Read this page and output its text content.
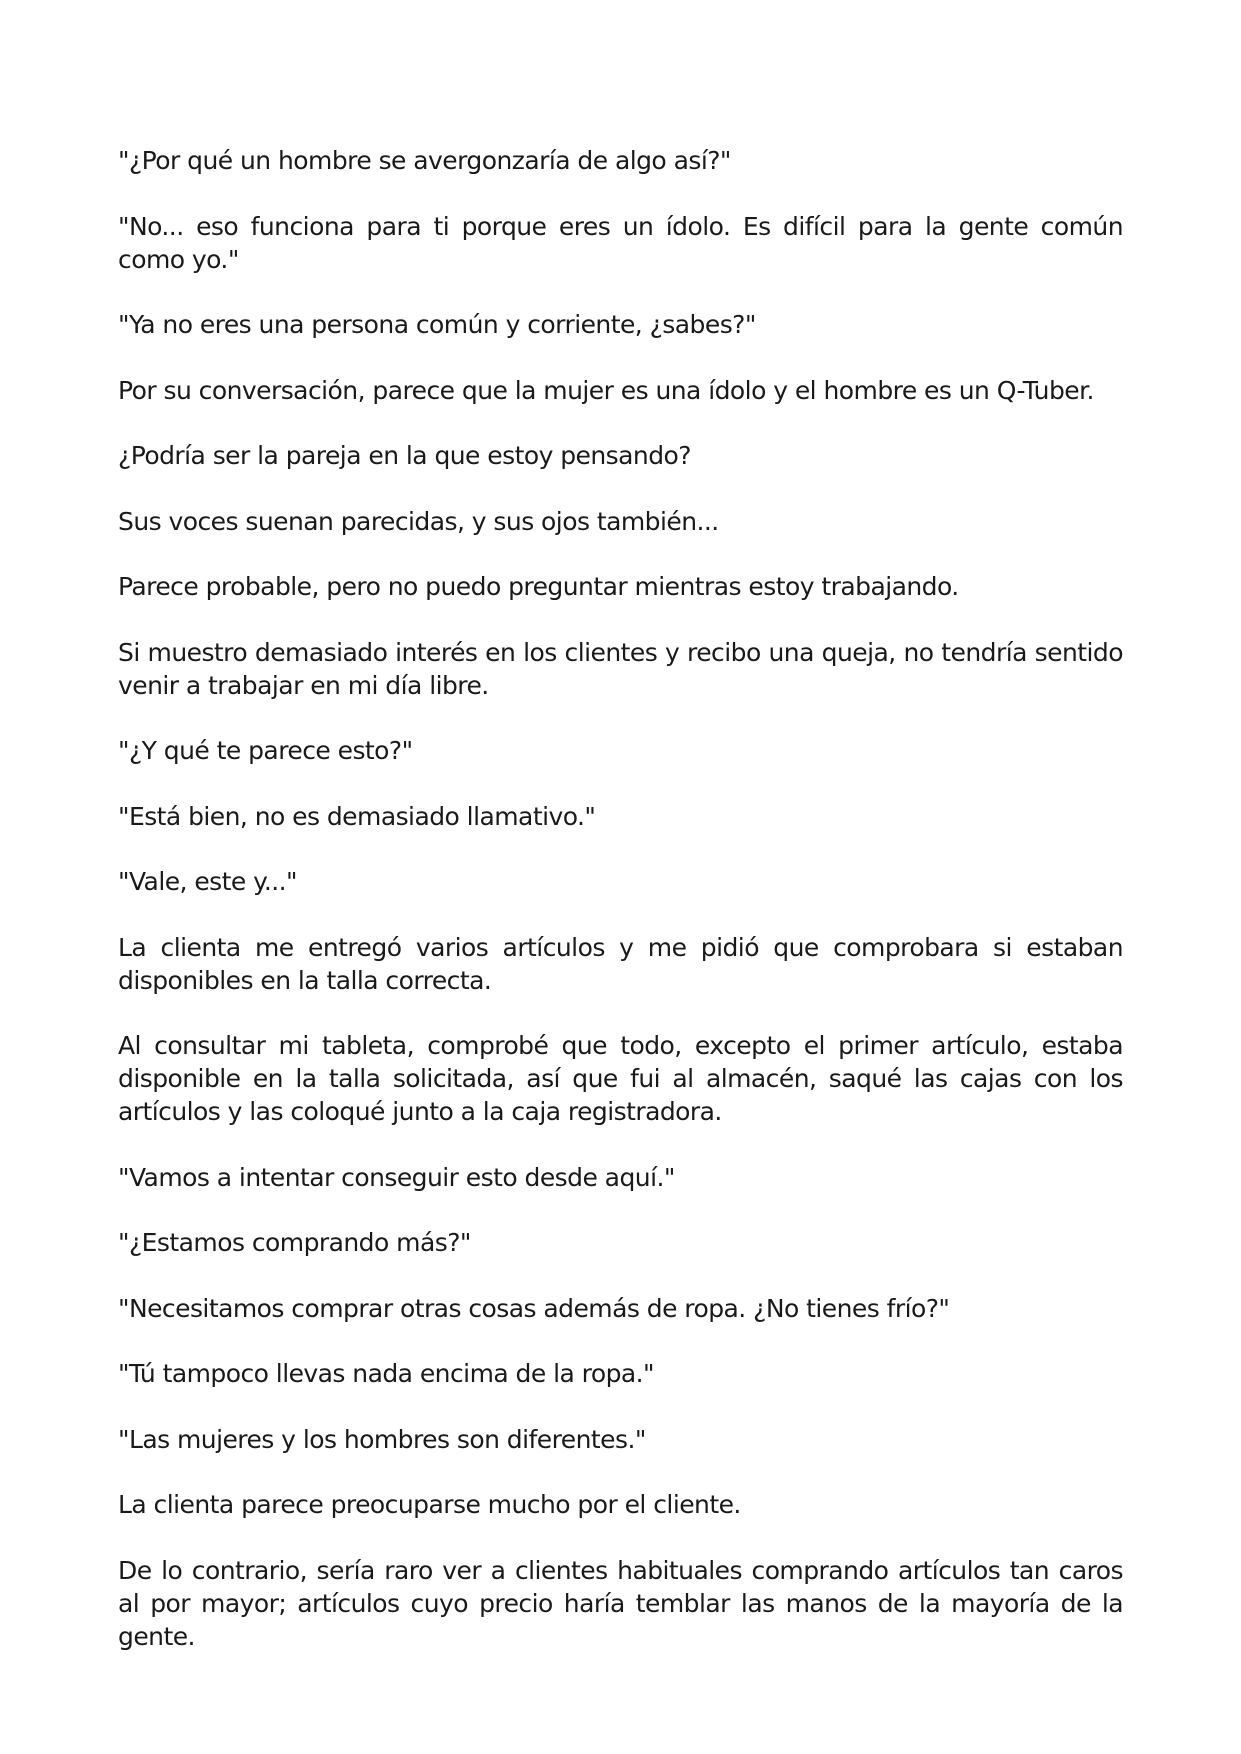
"¿Por qué un hombre se avergonzaría de algo así?"

"No... eso funciona para ti porque eres un ídolo. Es difícil para la gente común como yo."

"Ya no eres una persona común y corriente, ¿sabes?"

Por su conversación, parece que la mujer es una ídolo y el hombre es un Q-Tuber.

¿Podría ser la pareja en la que estoy pensando?

Sus voces suenan parecidas, y sus ojos también...

Parece probable, pero no puedo preguntar mientras estoy trabajando.

Si muestro demasiado interés en los clientes y recibo una queja, no tendría sentido venir a trabajar en mi día libre.

"¿Y qué te parece esto?"

"Está bien, no es demasiado llamativo."

"Vale, este y..."

La clienta me entregó varios artículos y me pidió que comprobara si estaban disponibles en la talla correcta.

Al consultar mi tableta, comprobé que todo, excepto el primer artículo, estaba disponible en la talla solicitada, así que fui al almacén, saqué las cajas con los artículos y las coloqué junto a la caja registradora.

"Vamos a intentar conseguir esto desde aquí."

"¿Estamos comprando más?"

"Necesitamos comprar otras cosas además de ropa. ¿No tienes frío?"

"Tú tampoco llevas nada encima de la ropa."

"Las mujeres y los hombres son diferentes."

La clienta parece preocuparse mucho por el cliente.

De lo contrario, sería raro ver a clientes habituales comprando artículos tan caros al por mayor; artículos cuyo precio haría temblar las manos de la mayoría de la gente.
